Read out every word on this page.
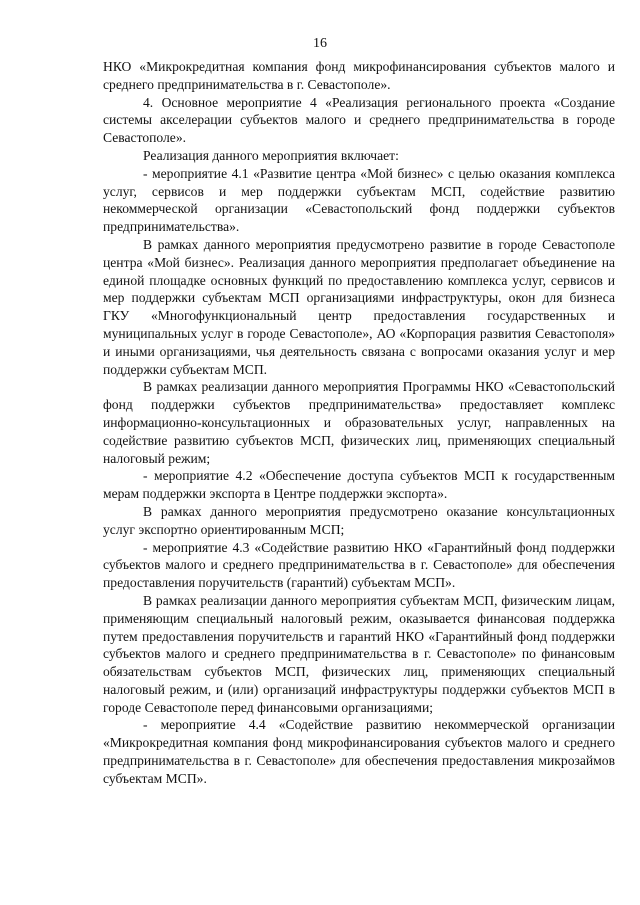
16

НКО «Микрокредитная компания фонд микрофинансирования субъектов малого и среднего предпринимательства в г. Севастополе».

4. Основное мероприятие 4 «Реализация регионального проекта «Создание системы акселерации субъектов малого и среднего предпринимательства в городе Севастополе».

Реализация данного мероприятия включает:

- мероприятие 4.1 «Развитие центра «Мой бизнес» с целью оказания комплекса услуг, сервисов и мер поддержки субъектам МСП, содействие развитию некоммерческой организации «Севастопольский фонд поддержки субъектов предпринимательства».

В рамках данного мероприятия предусмотрено развитие в городе Севастополе центра «Мой бизнес». Реализация данного мероприятия предполагает объединение на единой площадке основных функций по предоставлению комплекса услуг, сервисов и мер поддержки субъектам МСП организациями инфраструктуры, окон для бизнеса ГКУ «Многофункциональный центр предоставления государственных и муниципальных услуг в городе Севастополе», АО «Корпорация развития Севастополя» и иными организациями, чья деятельность связана с вопросами оказания услуг и мер поддержки субъектам МСП.

В рамках реализации данного мероприятия Программы НКО «Севастопольский фонд поддержки субъектов предпринимательства» предоставляет комплекс информационно-консультационных и образовательных услуг, направленных на содействие развитию субъектов МСП, физических лиц, применяющих специальный налоговый режим;

- мероприятие 4.2 «Обеспечение доступа субъектов МСП к государственным мерам поддержки экспорта в Центре поддержки экспорта».

В рамках данного мероприятия предусмотрено оказание консультационных услуг экспортно ориентированным МСП;

- мероприятие 4.3 «Содействие развитию НКО «Гарантийный фонд поддержки субъектов малого и среднего предпринимательства в г. Севастополе» для обеспечения предоставления поручительств (гарантий) субъектам МСП».

В рамках реализации данного мероприятия субъектам МСП, физическим лицам, применяющим специальный налоговый режим, оказывается финансовая поддержка путем предоставления поручительств и гарантий НКО «Гарантийный фонд поддержки субъектов малого и среднего предпринимательства в г. Севастополе» по финансовым обязательствам субъектов МСП, физических лиц, применяющих специальный налоговый режим, и (или) организаций инфраструктуры поддержки субъектов МСП в городе Севастополе перед финансовыми организациями;

- мероприятие 4.4 «Содействие развитию некоммерческой организации «Микрокредитная компания фонд микрофинансирования субъектов малого и среднего предпринимательства в г. Севастополе» для обеспечения предоставления микрозаймов субъектам МСП».
